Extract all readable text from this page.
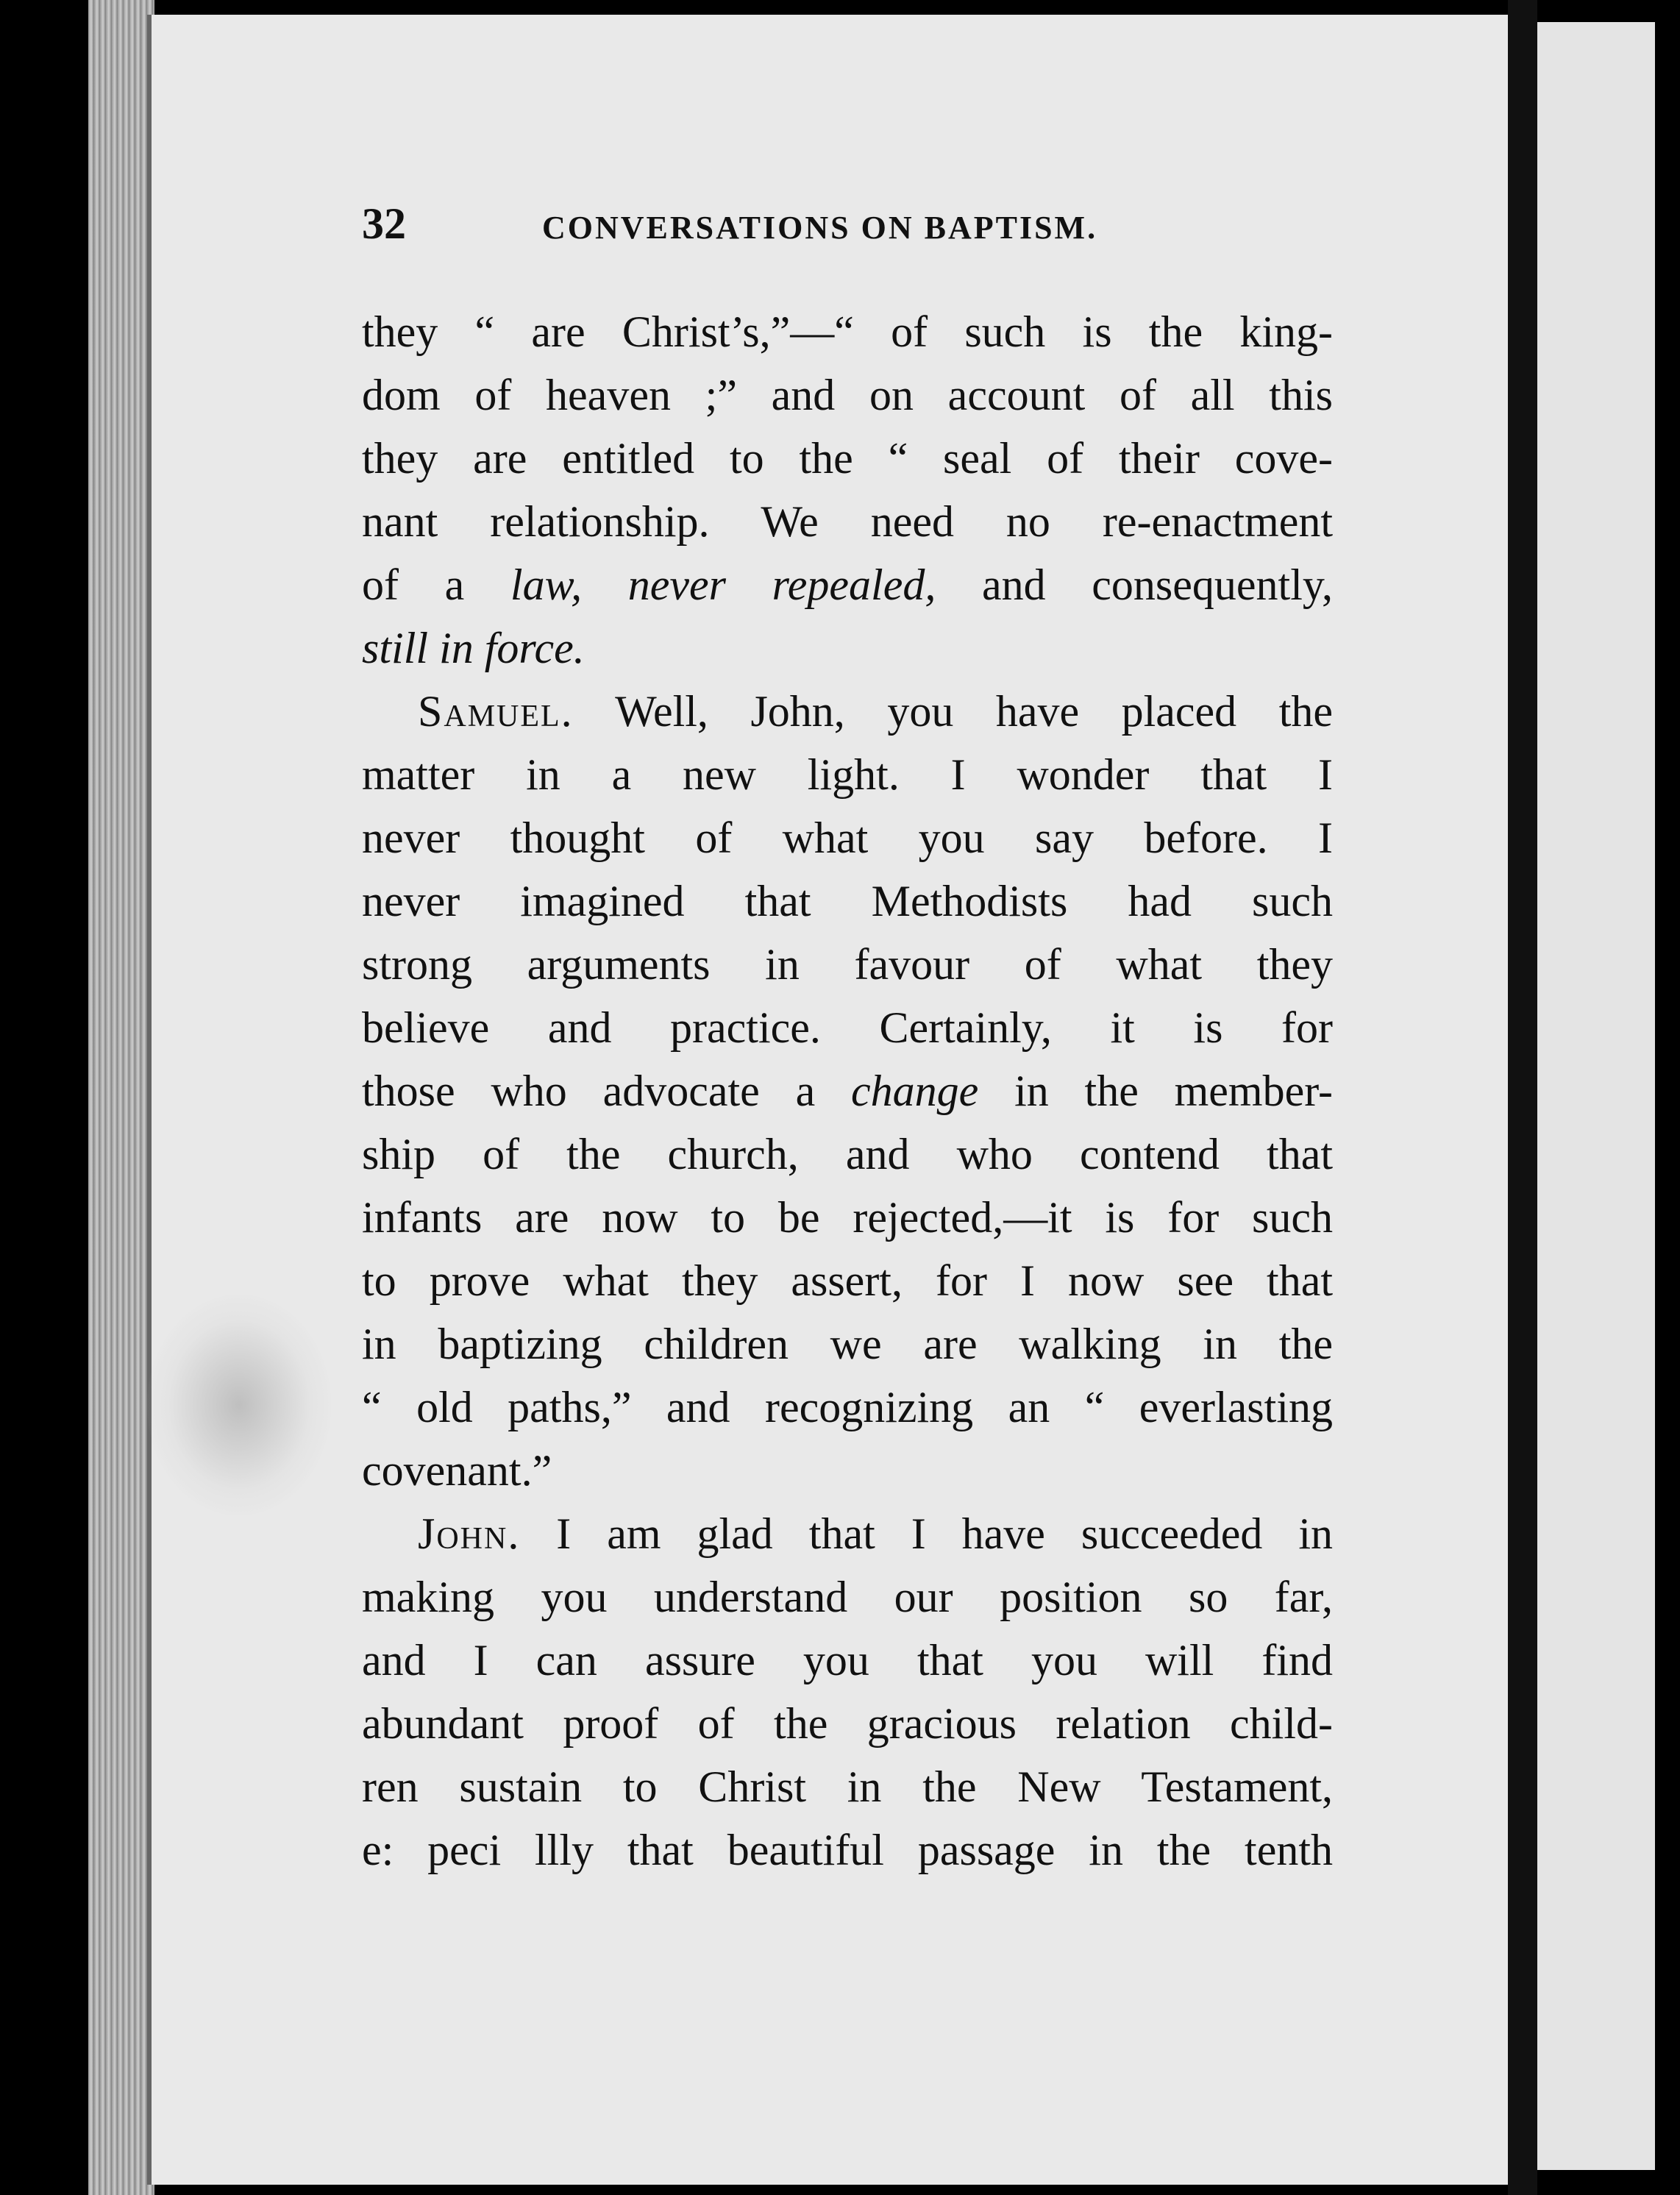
32	CONVERSATIONS ON BAPTISM.
they “ are Christ’s,”—“ of such is the king-
dom of heaven ;” and on account of all this
they are entitled to the “ seal of their cove-
nant relationship. We need no re-enactment
of a law, never repealed, and consequently,
still in force.
Samuel. Well, John, you have placed the
matter in a new light. I wonder that I
never thought of what you say before. I
never imagined that Methodists had such
strong arguments in favour of what they
believe and practice. Certainly, it is for
those who advocate a change in the member-
ship of the church, and who contend that
infants are now to be rejected,—it is for such
to prove what they assert, for I now see that
in baptizing children we are walking in the
“ old paths,” and recognizing an “ everlasting
covenant.”
John. I am glad that I have succeeded in
making you understand our position so far,
and I can assure you that you will find
abundant proof of the gracious relation child-
ren sustain to Christ in the New Testament,
e: peci llly that beautiful passage in the tenth
